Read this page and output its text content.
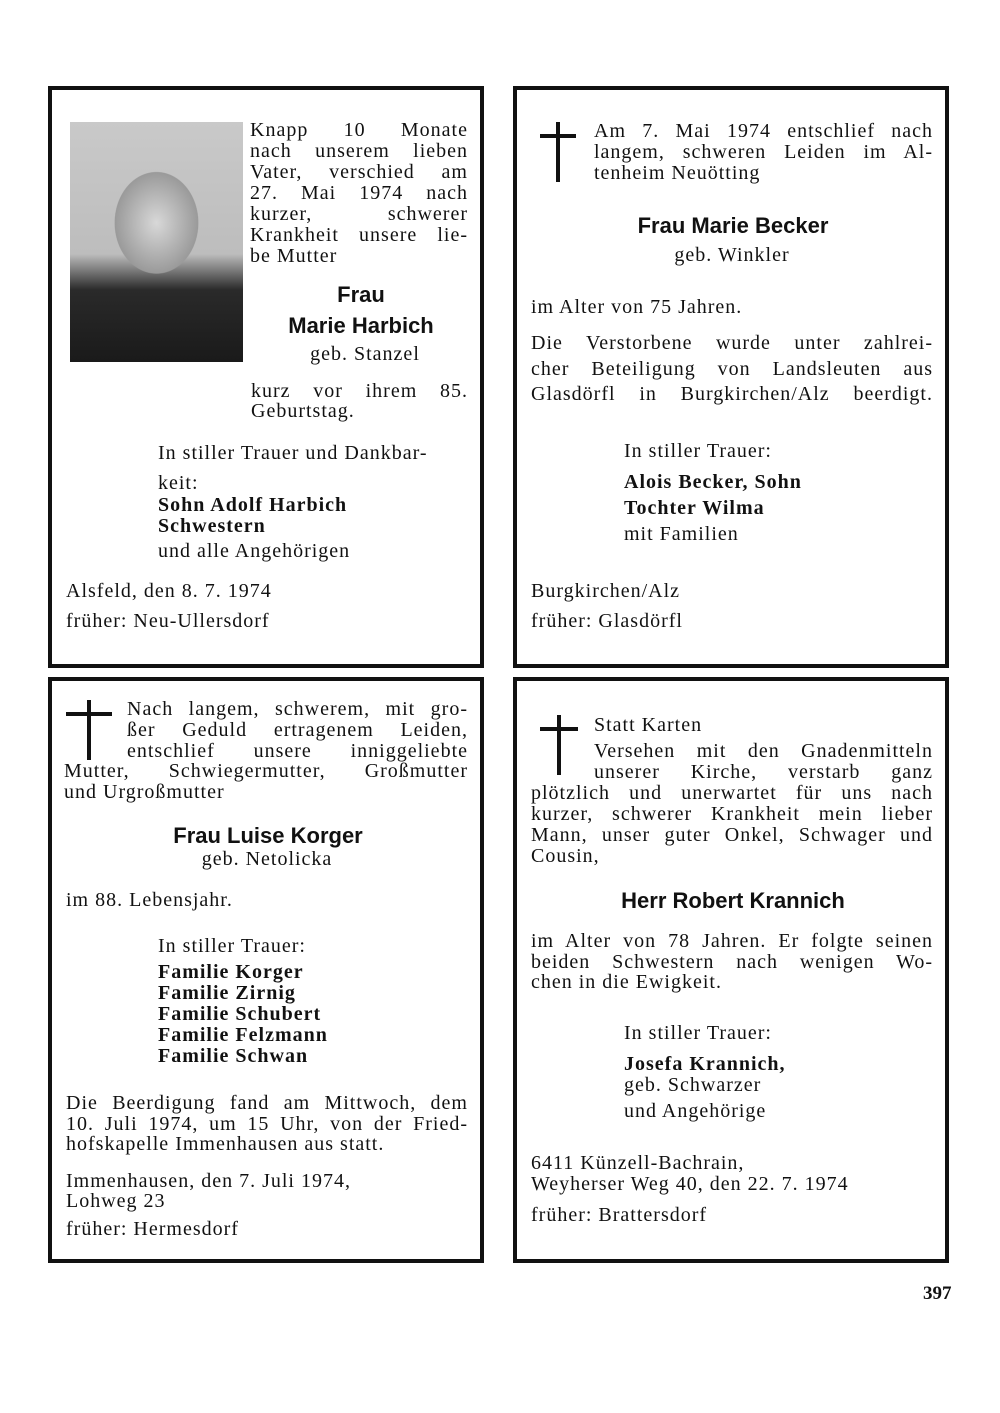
Knapp 10 Monate
nach unserem lieben
Vater, verschied am
27. Mai 1974 nach
kurzer, schwerer
Krankheit unsere lie-
be Mutter
Frau
Marie Harbich
geb. Stanzel
kurz vor ihrem 85.
Geburtstag.
In stiller Trauer und Dankbar-
keit:
Sohn Adolf Harbich
Schwestern
und alle Angehörigen
Alsfeld, den 8. 7. 1974
früher: Neu-Ullersdorf
Am 7. Mai 1974 entschlief nach
langem, schweren Leiden im Al-
tenheim Neuötting
Frau Marie Becker
geb. Winkler
im Alter von 75 Jahren.
Die Verstorbene wurde unter zahlrei-
cher Beteiligung von Landsleuten aus
Glasdörfl in Burgkirchen/Alz beerdigt.
In stiller Trauer:
Alois Becker, Sohn
Tochter Wilma
mit Familien
Burgkirchen/Alz
früher: Glasdörfl
Nach langem, schwerem, mit gro-
ßer Geduld ertragenem Leiden,
entschlief unsere inniggeliebte
Mutter, Schwiegermutter, Großmutter
und Urgroßmutter
Frau Luise Korger
geb. Netolicka
im 88. Lebensjahr.
In stiller Trauer:
Familie Korger
Familie Zirnig
Familie Schubert
Familie Felzmann
Familie Schwan
Die Beerdigung fand am Mittwoch, dem
10. Juli 1974, um 15 Uhr, von der Fried-
hofskapelle Immenhausen aus statt.
Immenhausen, den 7. Juli 1974,
Lohweg 23
früher: Hermesdorf
Statt Karten
Versehen mit den Gnadenmitteln
unserer Kirche, verstarb ganz
plötzlich und unerwartet für uns nach
kurzer, schwerer Krankheit mein lieber
Mann, unser guter Onkel, Schwager und
Cousin,
Herr Robert Krannich
im Alter von 78 Jahren. Er folgte seinen
beiden Schwestern nach wenigen Wo-
chen in die Ewigkeit.
In stiller Trauer:
Josefa Krannich,
geb. Schwarzer
und Angehörige
6411 Künzell-Bachrain,
Weyherser Weg 40, den 22. 7. 1974
früher: Brattersdorf
397
